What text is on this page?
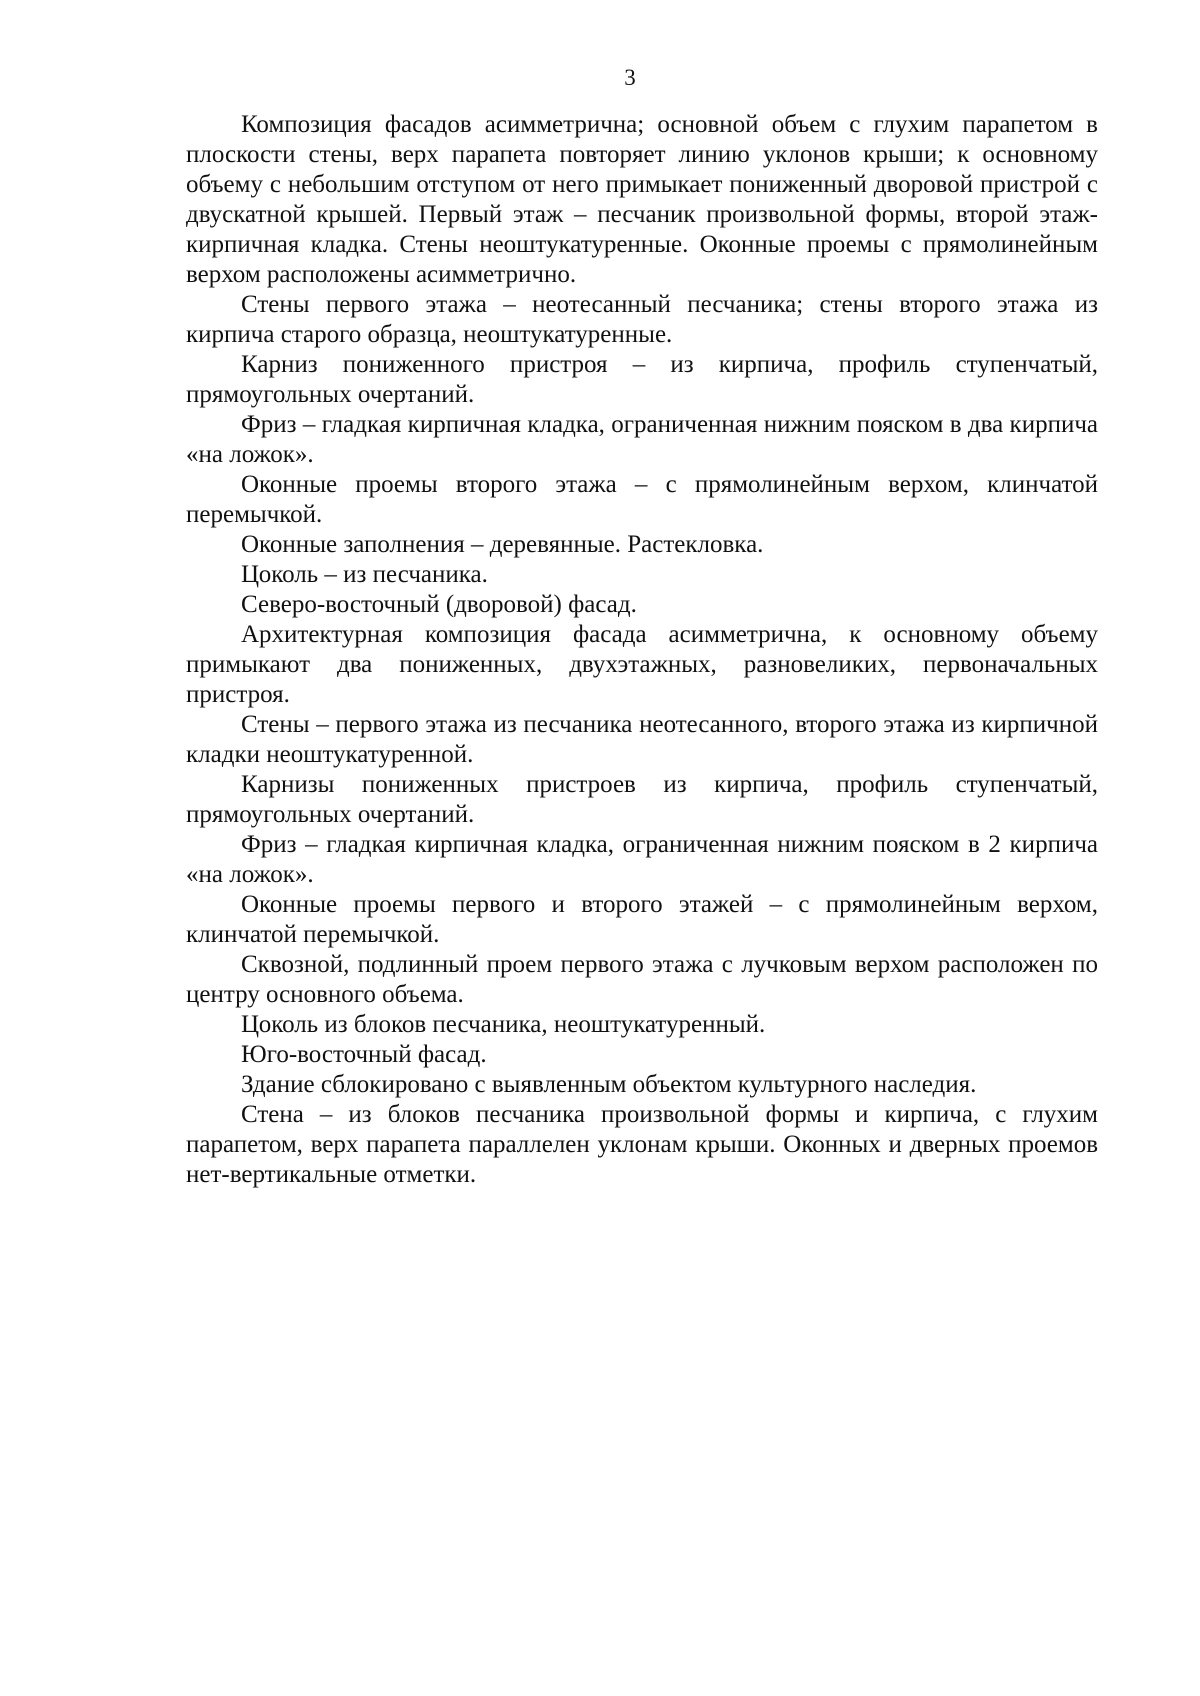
3

Композиция фасадов асимметрична; основной объем с глухим парапетом в плоскости стены, верх парапета повторяет линию уклонов крыши; к основному объему с небольшим отступом от него примыкает пониженный дворовой пристрой с двускатной крышей. Первый этаж – песчаник произвольной формы, второй этаж-кирпичная кладка. Стены неоштукатуренные. Оконные проемы с прямолинейным верхом расположены асимметрично.

Стены первого этажа – неотесанный песчаника; стены второго этажа из кирпича старого образца, неоштукатуренные.

Карниз пониженного пристроя – из кирпича, профиль ступенчатый, прямоугольных очертаний.

Фриз – гладкая кирпичная кладка, ограниченная нижним пояском в два кирпича «на ложок».

Оконные проемы второго этажа – с прямолинейным верхом, клинчатой перемычкой.

Оконные заполнения – деревянные. Растекловка.

Цоколь – из песчаника.

Северо-восточный (дворовой) фасад.

Архитектурная композиция фасада асимметрична, к основному объему примыкают два пониженных, двухэтажных, разновеликих, первоначальных пристроя.

Стены – первого этажа из песчаника неотесанного, второго этажа из кирпичной кладки неоштукатуренной.

Карнизы пониженных пристроев из кирпича, профиль ступенчатый, прямоугольных очертаний.

Фриз – гладкая кирпичная кладка, ограниченная нижним пояском в 2 кирпича «на ложок».

Оконные проемы первого и второго этажей – с прямолинейным верхом, клинчатой перемычкой.

Сквозной, подлинный проем первого этажа с лучковым верхом расположен по центру основного объема.

Цоколь из блоков песчаника, неоштукатуренный.

Юго-восточный фасад.

Здание сблокировано с выявленным объектом культурного наследия.

Стена – из блоков песчаника произвольной формы и кирпича, с глухим парапетом, верх парапета параллелен уклонам крыши. Оконных и дверных проемов нет-вертикальные отметки.
